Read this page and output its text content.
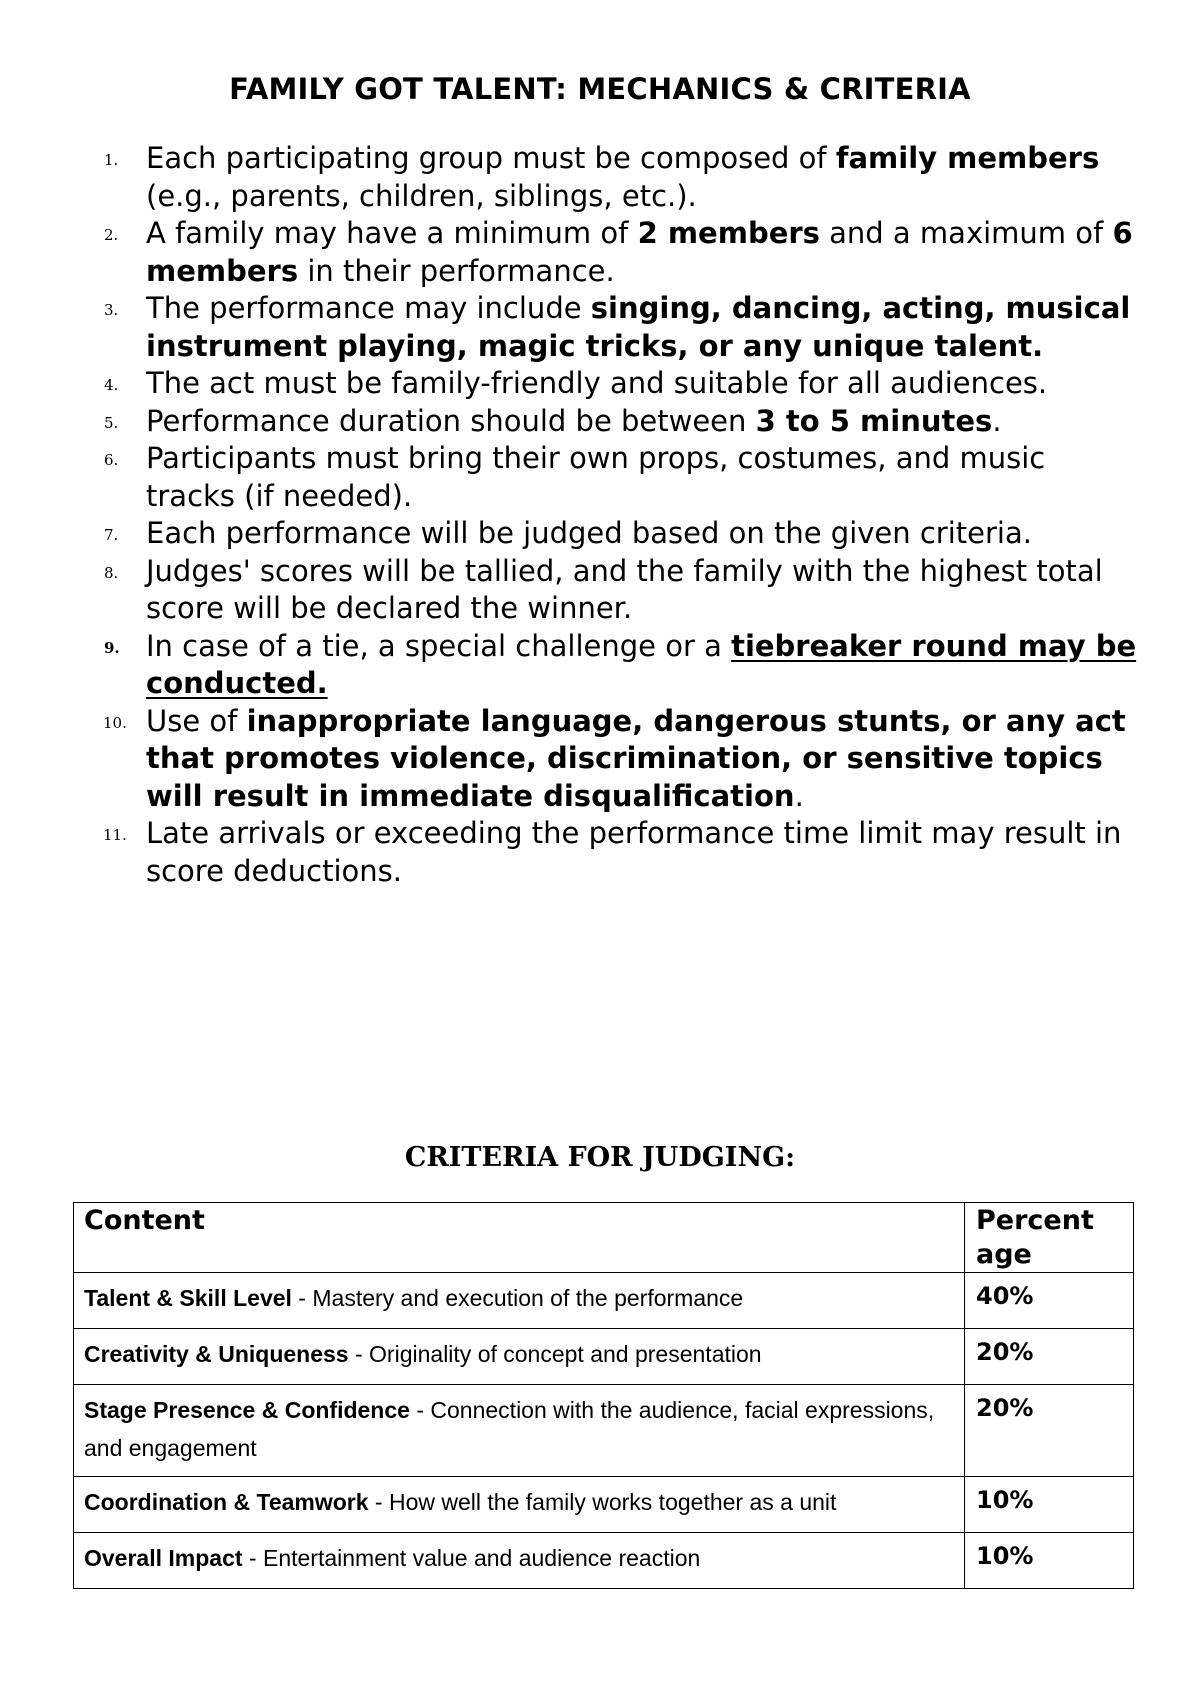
FAMILY GOT TALENT: MECHANICS & CRITERIA
1. Each participating group must be composed of family members (e.g., parents, children, siblings, etc.).
2. A family may have a minimum of 2 members and a maximum of 6 members in their performance.
3. The performance may include singing, dancing, acting, musical instrument playing, magic tricks, or any unique talent.
4. The act must be family-friendly and suitable for all audiences.
5. Performance duration should be between 3 to 5 minutes.
6. Participants must bring their own props, costumes, and music tracks (if needed).
7. Each performance will be judged based on the given criteria.
8. Judges' scores will be tallied, and the family with the highest total score will be declared the winner.
9. In case of a tie, a special challenge or a tiebreaker round may be conducted.
10. Use of inappropriate language, dangerous stunts, or any act that promotes violence, discrimination, or sensitive topics will result in immediate disqualification.
11. Late arrivals or exceeding the performance time limit may result in score deductions.
CRITERIA FOR JUDGING:
Content	Percent age
Talent & Skill Level - Mastery and execution of the performance	40%
Creativity & Uniqueness - Originality of concept and presentation	20%
Stage Presence & Confidence - Connection with the audience, facial expressions, and engagement	20%
Coordination & Teamwork - How well the family works together as a unit	10%
Overall Impact - Entertainment value and audience reaction	10%
